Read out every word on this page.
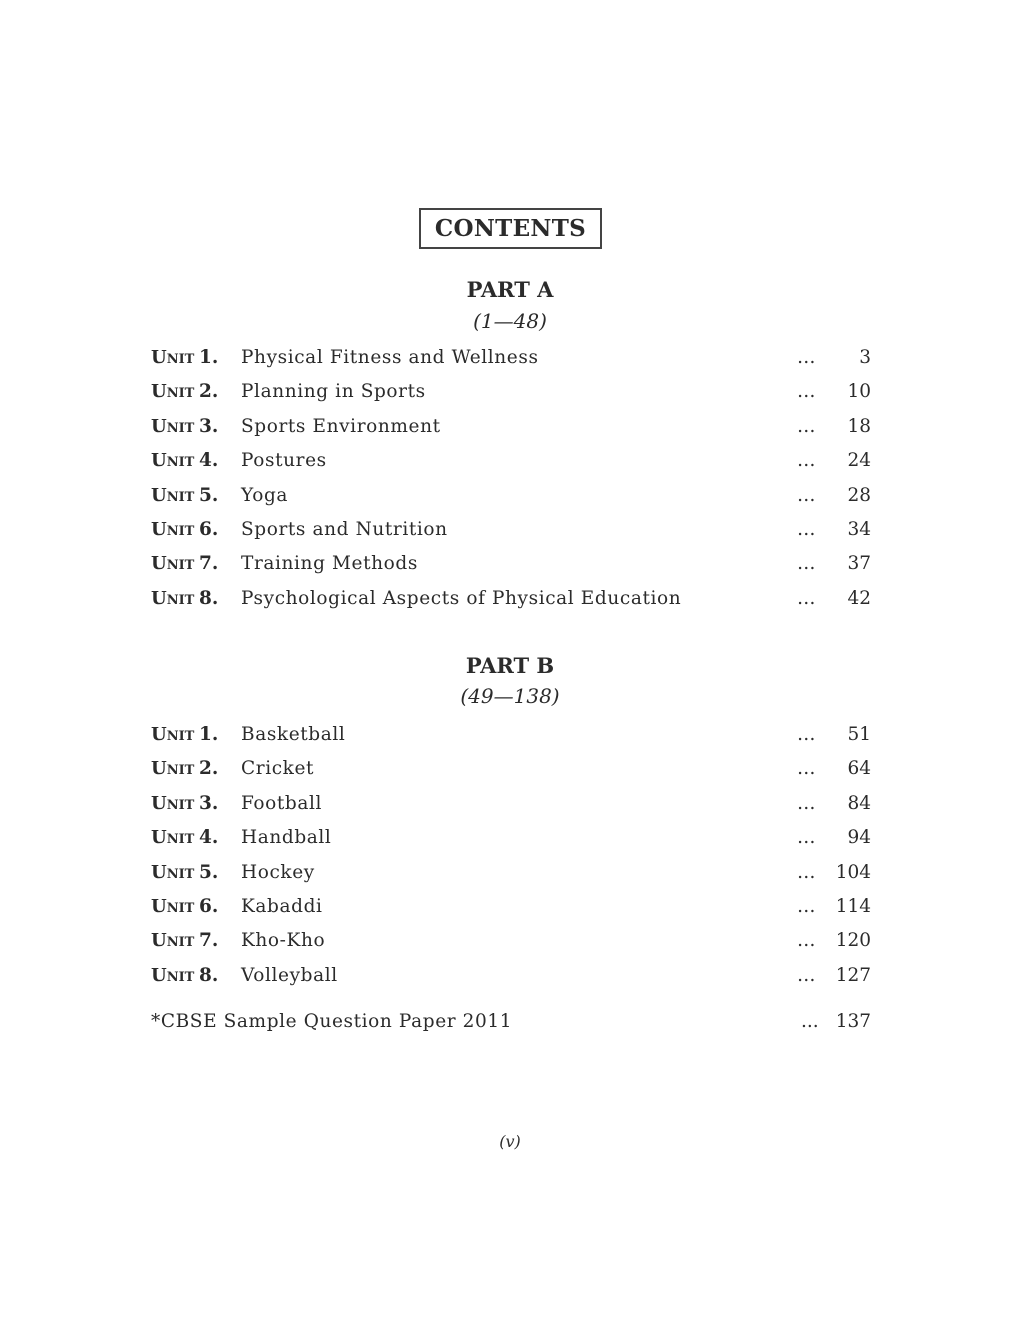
CONTENTS
PART A
(1—48)
Unit 1. Physical Fitness and Wellness	… 3
Unit 2. Planning in Sports	… 10
Unit 3. Sports Environment	… 18
Unit 4. Postures	… 24
Unit 5. Yoga	… 28
Unit 6. Sports and Nutrition	… 34
Unit 7. Training Methods	… 37
Unit 8. Psychological Aspects of Physical Education	… 42
PART B
(49—138)
Unit 1. Basketball	… 51
Unit 2. Cricket	… 64
Unit 3. Football	… 84
Unit 4. Handball	… 94
Unit 5. Hockey	… 104
Unit 6. Kabaddi	… 114
Unit 7. Kho-Kho	… 120
Unit 8. Volleyball	… 127
*CBSE Sample Question Paper 2011	... 137
(v)
